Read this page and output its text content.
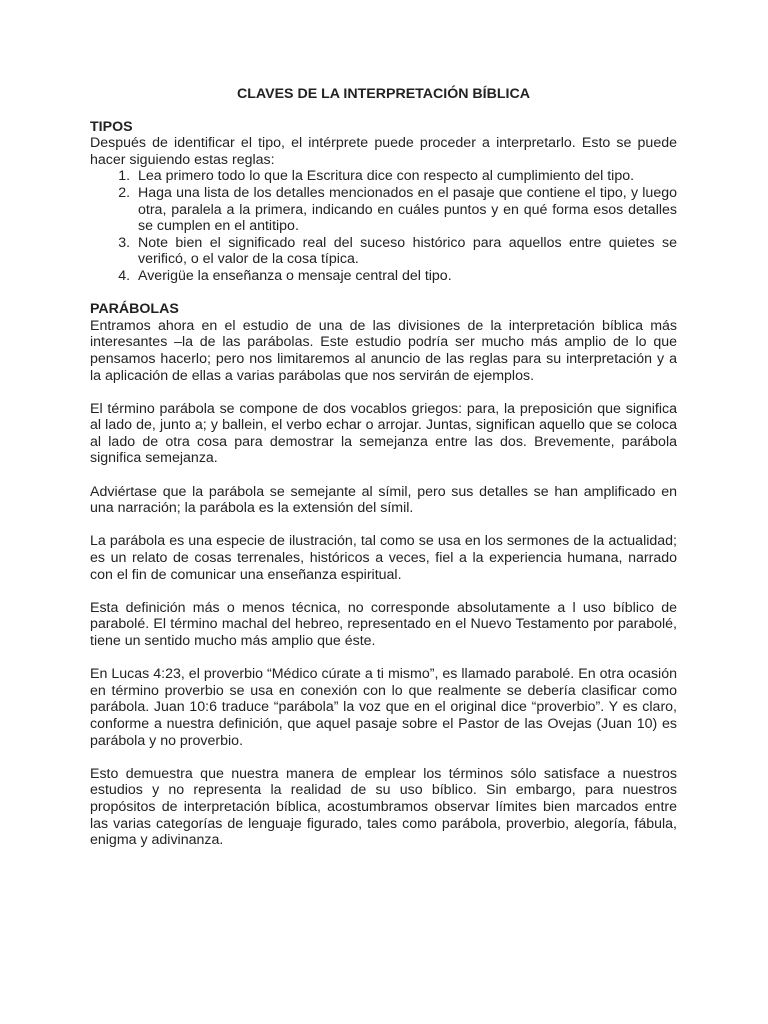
CLAVES DE LA INTERPRETACIÓN BÍBLICA
TIPOS

Después de identificar el tipo, el intérprete puede proceder a interpretarlo. Esto se puede hacer siguiendo estas reglas:

1. Lea primero todo lo que la Escritura dice con respecto al cumplimiento del tipo.
2. Haga una lista de los detalles mencionados en el pasaje que contiene el tipo, y luego otra, paralela a la primera, indicando en cuáles puntos y en qué forma esos detalles se cumplen en el antitipo.
3. Note bien el significado real del suceso histórico para aquellos entre quietes se verificó, o el valor de la cosa típica.
4. Averigüe la enseñanza o mensaje central del tipo.
PARÁBOLAS

Entramos ahora en el estudio de una de las divisiones de la interpretación bíblica más interesantes –la de las parábolas. Este estudio podría ser mucho más amplio de lo que pensamos hacerlo; pero nos limitaremos al anuncio de las reglas para su interpretación y a la aplicación de ellas a varias parábolas que nos servirán de ejemplos.

El término parábola se compone de dos vocablos griegos: para, la preposición que significa al lado de, junto a; y ballein, el verbo echar o arrojar. Juntas, significan aquello que se coloca al lado de otra cosa para demostrar la semejanza entre las dos. Brevemente, parábola significa semejanza.

Adviértase que la parábola se semejante al símil, pero sus detalles se han amplificado en una narración; la parábola es la extensión del símil.

La parábola es una especie de ilustración, tal como se usa en los sermones de la actualidad; es un relato de cosas terrenales, históricos a veces, fiel a la experiencia humana, narrado con el fin de comunicar una enseñanza espiritual.

Esta definición más o menos técnica, no corresponde absolutamente a l uso bíblico de parabolé. El término machal del hebreo, representado en el Nuevo Testamento por parabolé, tiene un sentido mucho más amplio que éste.

En Lucas 4:23, el proverbio “Médico cúrate a ti mismo”, es llamado parabolé. En otra ocasión en término proverbio se usa en conexión con lo que realmente se debería clasificar como parábola. Juan 10:6 traduce “parábola” la voz que en el original dice “proverbio”. Y es claro, conforme a nuestra definición, que aquel pasaje sobre el Pastor de las Ovejas (Juan 10) es parábola y no proverbio.

Esto demuestra que nuestra manera de emplear los términos sólo satisface a nuestros estudios y no representa la realidad de su uso bíblico. Sin embargo, para nuestros propósitos de interpretación bíblica, acostumbramos observar límites bien marcados entre las varias categorías de lenguaje figurado, tales como parábola, proverbio, alegoría, fábula, enigma y adivinanza.
